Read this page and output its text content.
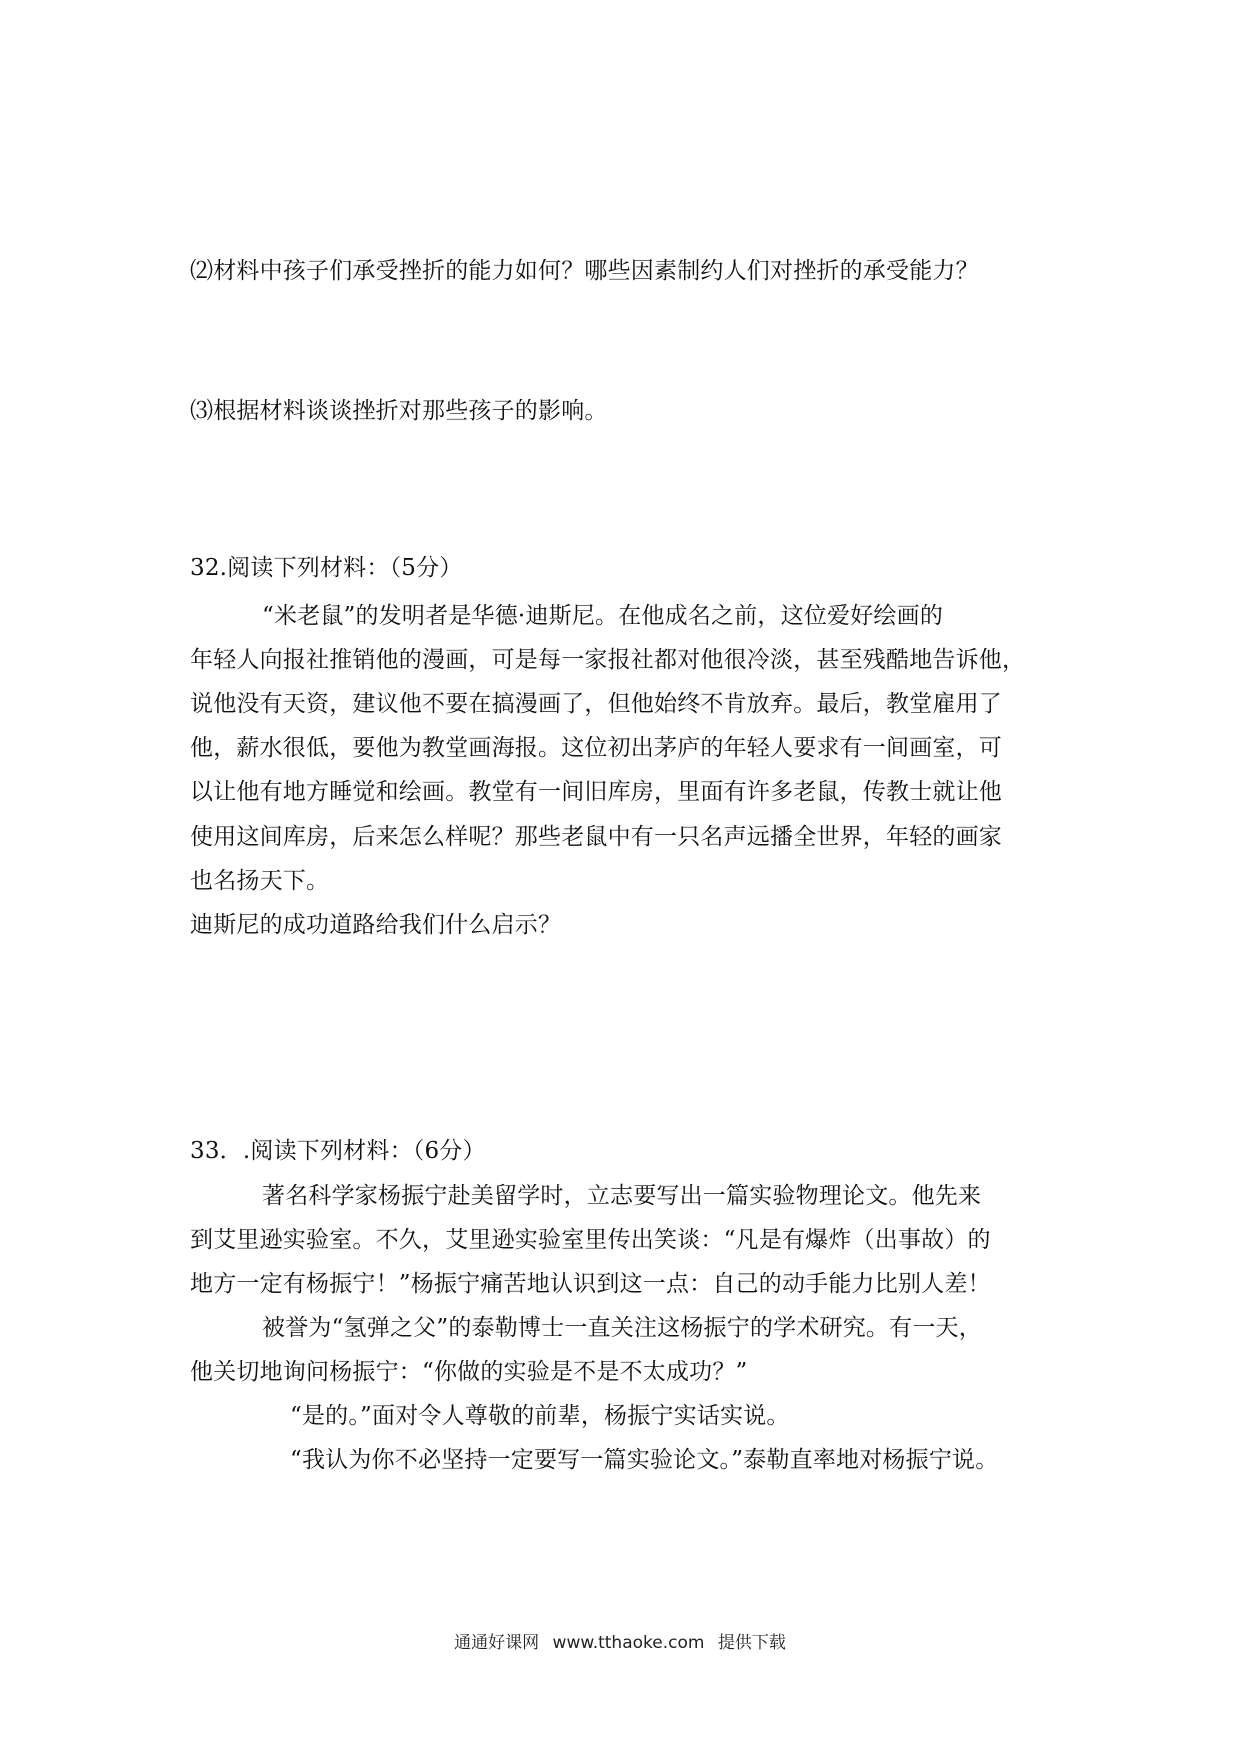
⑵材料中孩子们承受挫折的能力如何？哪些因素制约人们对挫折的承受能力？
⑶根据材料谈谈挫折对那些孩子的影响。
32.阅读下列材料：（5分）
“米老鼠”的发明者是华德·迪斯尼。在他成名之前，这位爱好绘画的
年轻人向报社推销他的漫画，可是每一家报社都对他很冷淡，甚至残酷地告诉他，
说他没有天资，建议他不要在搞漫画了，但他始终不肯放弃。最后，教堂雇用了
他，薪水很低，要他为教堂画海报。这位初出茅庐的年轻人要求有一间画室，可
以让他有地方睡觉和绘画。教堂有一间旧库房，里面有许多老鼠，传教士就让他
使用这间库房，后来怎么样呢？那些老鼠中有一只名声远播全世界，年轻的画家
也名扬天下。
迪斯尼的成功道路给我们什么启示？
33．.阅读下列材料：（6分）
著名科学家杨振宁赴美留学时，立志要写出一篇实验物理论文。他先来
到艾里逊实验室。不久，艾里逊实验室里传出笑谈：“凡是有爆炸（出事故）的
地方一定有杨振宁！”杨振宁痛苦地认识到这一点：自己的动手能力比别人差！
被誉为“氢弹之父”的泰勒博士一直关注这杨振宁的学术研究。有一天，
他关切地询问杨振宁：“你做的实验是不是不太成功？”
“是的。”面对令人尊敬的前辈，杨振宁实话实说。
“我认为你不必坚持一定要写一篇实验论文。”泰勒直率地对杨振宁说。
通通好课网 www.tthaoke.com 提供下载
